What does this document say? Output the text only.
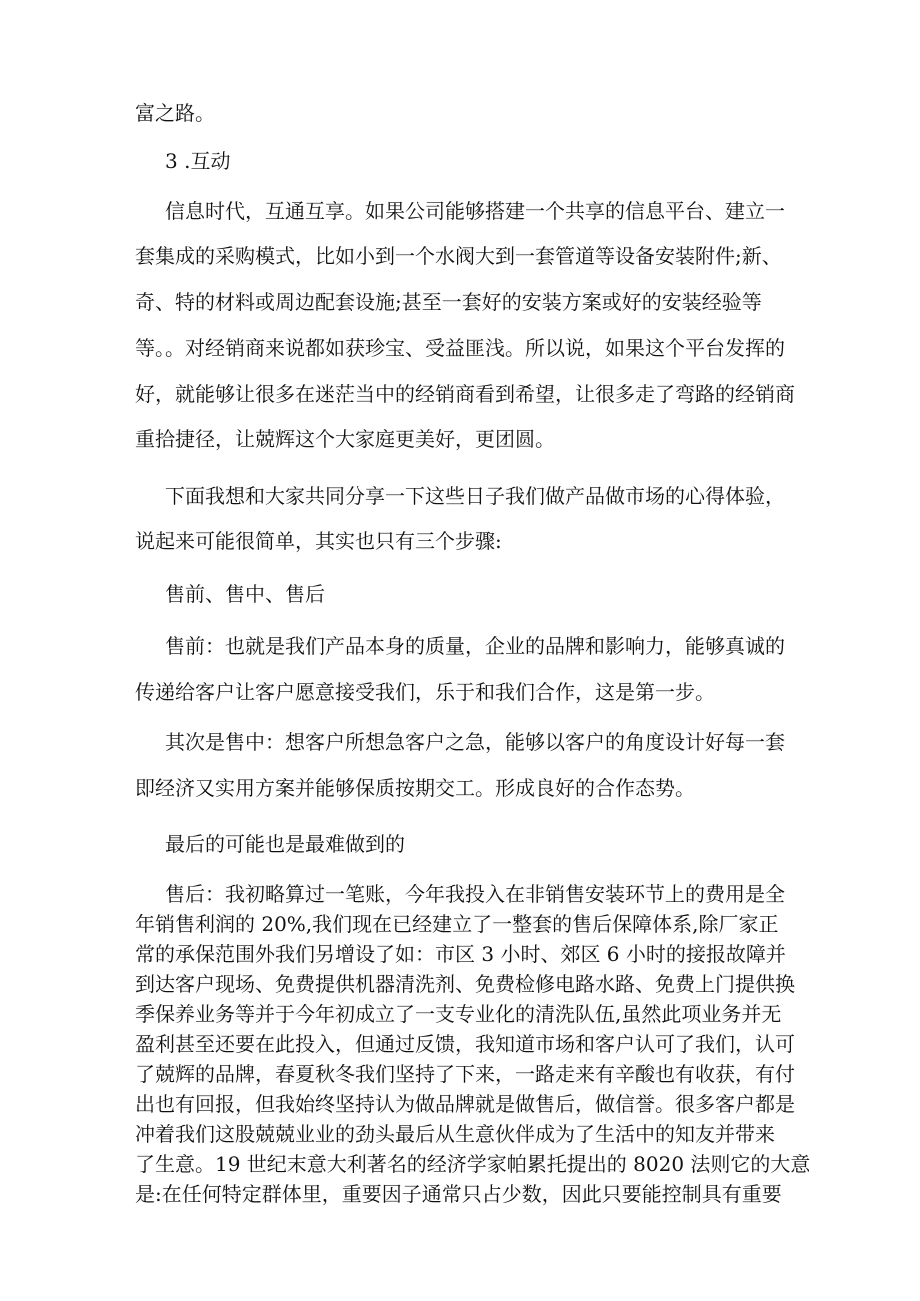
富之路。
3 .互动
信息时代，互通互享。如果公司能够搭建一个共享的信息平台、建立一
套集成的采购模式，比如小到一个水阀大到一套管道等设备安装附件;新、
奇、特的材料或周边配套设施;甚至一套好的安装方案或好的安装经验等
等。。对经销商来说都如获珍宝、受益匪浅。所以说，如果这个平台发挥的
好，就能够让很多在迷茫当中的经销商看到希望，让很多走了弯路的经销商
重拾捷径，让兢辉这个大家庭更美好，更团圆。
下面我想和大家共同分享一下这些日子我们做产品做市场的心得体验，
说起来可能很简单，其实也只有三个步骤:
售前、售中、售后
售前：也就是我们产品本身的质量，企业的品牌和影响力，能够真诚的
传递给客户让客户愿意接受我们，乐于和我们合作，这是第一步。
其次是售中：想客户所想急客户之急，能够以客户的角度设计好每一套
即经济又实用方案并能够保质按期交工。形成良好的合作态势。
最后的可能也是最难做到的
售后：我初略算过一笔账，今年我投入在非销售安装环节上的费用是全
年销售利润的 20%,我们现在已经建立了一整套的售后保障体系,除厂家正
常的承保范围外我们另增设了如：市区 3 小时、郊区 6 小时的接报故障并
到达客户现场、免费提供机器清洗剂、免费检修电路水路、免费上门提供换
季保养业务等并于今年初成立了一支专业化的清洗队伍,虽然此项业务并无
盈利甚至还要在此投入，但通过反馈，我知道市场和客户认可了我们，认可
了兢辉的品牌，春夏秋冬我们坚持了下来，一路走来有辛酸也有收获，有付
出也有回报，但我始终坚持认为做品牌就是做售后，做信誉。很多客户都是
冲着我们这股兢兢业业的劲头最后从生意伙伴成为了生活中的知友并带来
了生意。19 世纪末意大利著名的经济学家帕累托提出的 8020 法则它的大意
是:在任何特定群体里，重要因子通常只占少数，因此只要能控制具有重要
